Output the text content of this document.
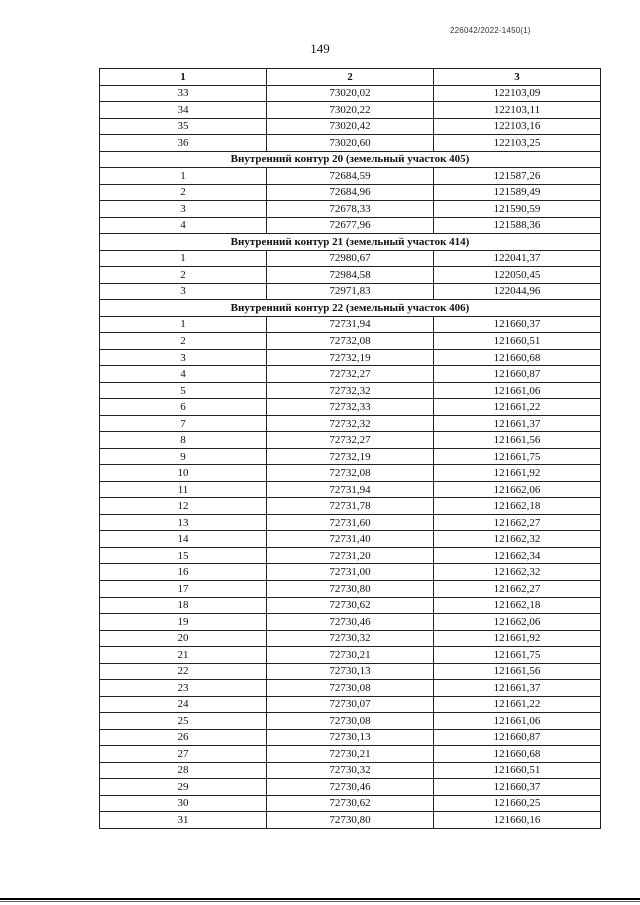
226042/2022-1450(1)
149
1	2	3
33	73020,02	122103,09
34	73020,22	122103,11
35	73020,42	122103,16
36	73020,60	122103,25
Внутренний контур 20 (земельный участок 405)		
1	72684,59	121587,26
2	72684,96	121589,49
3	72678,33	121590,59
4	72677,96	121588,36
Внутренний контур 21 (земельный участок 414)		
1	72980,67	122041,37
2	72984,58	122050,45
3	72971,83	122044,96
Внутренний контур 22 (земельный участок 406)		
1	72731,94	121660,37
2	72732,08	121660,51
3	72732,19	121660,68
4	72732,27	121660,87
5	72732,32	121661,06
6	72732,33	121661,22
7	72732,32	121661,37
8	72732,27	121661,56
9	72732,19	121661,75
10	72732,08	121661,92
11	72731,94	121662,06
12	72731,78	121662,18
13	72731,60	121662,27
14	72731,40	121662,32
15	72731,20	121662,34
16	72731,00	121662,32
17	72730,80	121662,27
18	72730,62	121662,18
19	72730,46	121662,06
20	72730,32	121661,92
21	72730,21	121661,75
22	72730,13	121661,56
23	72730,08	121661,37
24	72730,07	121661,22
25	72730,08	121661,06
26	72730,13	121660,87
27	72730,21	121660,68
28	72730,32	121660,51
29	72730,46	121660,37
30	72730,62	121660,25
31	72730,80	121660,16
